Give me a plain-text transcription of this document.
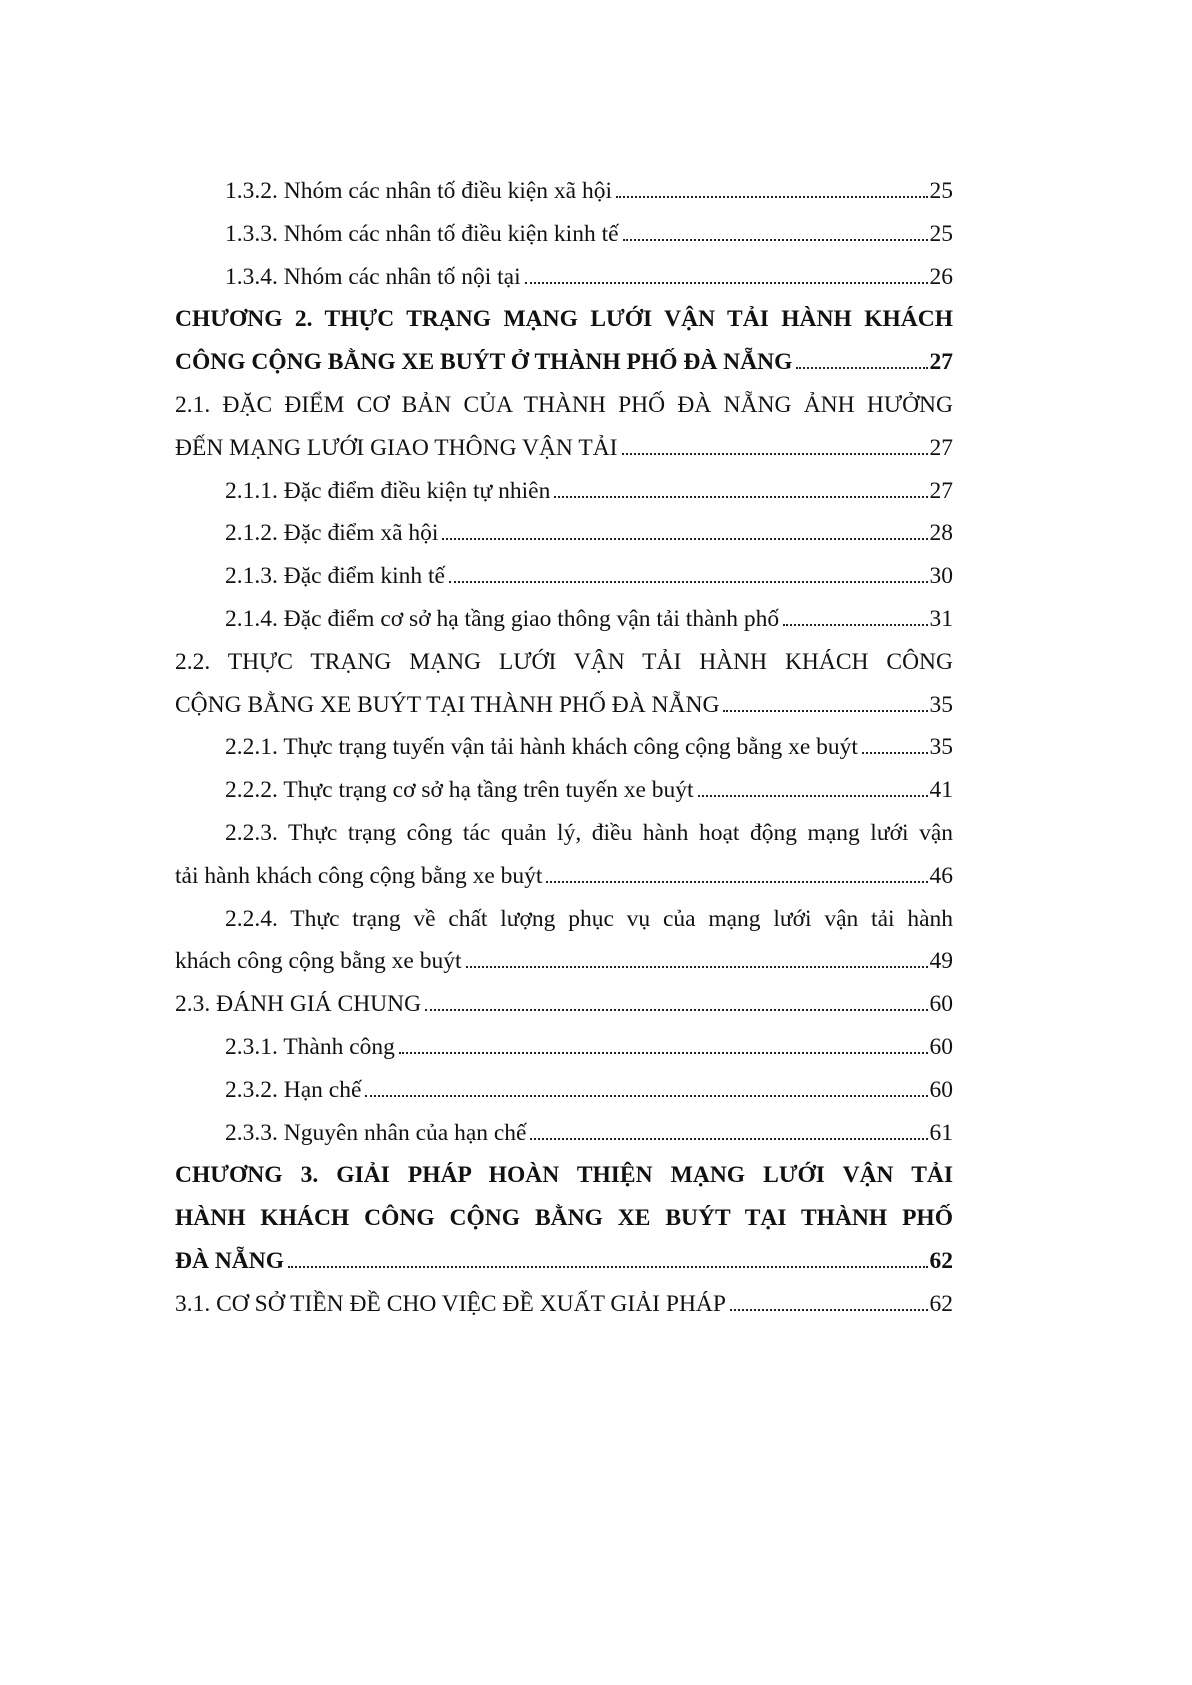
1.3.2. Nhóm các nhân tố điều kiện xã hội	25
1.3.3. Nhóm các nhân tố điều kiện kinh tế	25
1.3.4. Nhóm các nhân tố nội tại	26
CHƯƠNG 2. THỰC TRẠNG MẠNG LƯỚI VẬN TẢI HÀNH KHÁCH
CÔNG CỘNG BẰNG XE BUÝT Ở THÀNH PHỐ ĐÀ NẴNG	27
2.1. ĐẶC ĐIỂM CƠ BẢN CỦA THÀNH PHỐ ĐÀ NẴNG ẢNH HƯỞNG
ĐẾN MẠNG LƯỚI GIAO THÔNG VẬN TẢI	27
2.1.1. Đặc điểm điều kiện tự nhiên	27
2.1.2. Đặc điểm xã hội	28
2.1.3. Đặc điểm kinh tế	30
2.1.4. Đặc điểm cơ sở hạ tầng giao thông vận tải thành phố	31
2.2. THỰC TRẠNG MẠNG LƯỚI VẬN TẢI HÀNH KHÁCH CÔNG
CỘNG BẰNG XE BUÝT TẠI THÀNH PHỐ ĐÀ NẴNG	35
2.2.1. Thực trạng tuyến vận tải hành khách công cộng bằng xe buýt	35
2.2.2. Thực trạng cơ sở hạ tầng trên tuyến xe buýt	41
2.2.3. Thực trạng công tác quản lý, điều hành hoạt động mạng lưới vận
tải hành khách công cộng bằng xe buýt	46
2.2.4. Thực trạng về chất lượng phục vụ của mạng lưới vận tải hành
khách công cộng bằng xe buýt	49
2.3. ĐÁNH GIÁ CHUNG	60
2.3.1. Thành công	60
2.3.2. Hạn chế	60
2.3.3. Nguyên nhân của hạn chế	61
CHƯƠNG 3. GIẢI PHÁP HOÀN THIỆN MẠNG LƯỚI VẬN TẢI
HÀNH KHÁCH CÔNG CỘNG BẰNG XE BUÝT TẠI THÀNH PHỐ
ĐÀ NẴNG	62
3.1. CƠ SỞ TIỀN ĐỀ CHO VIỆC ĐỀ XUẤT GIẢI PHÁP	62
